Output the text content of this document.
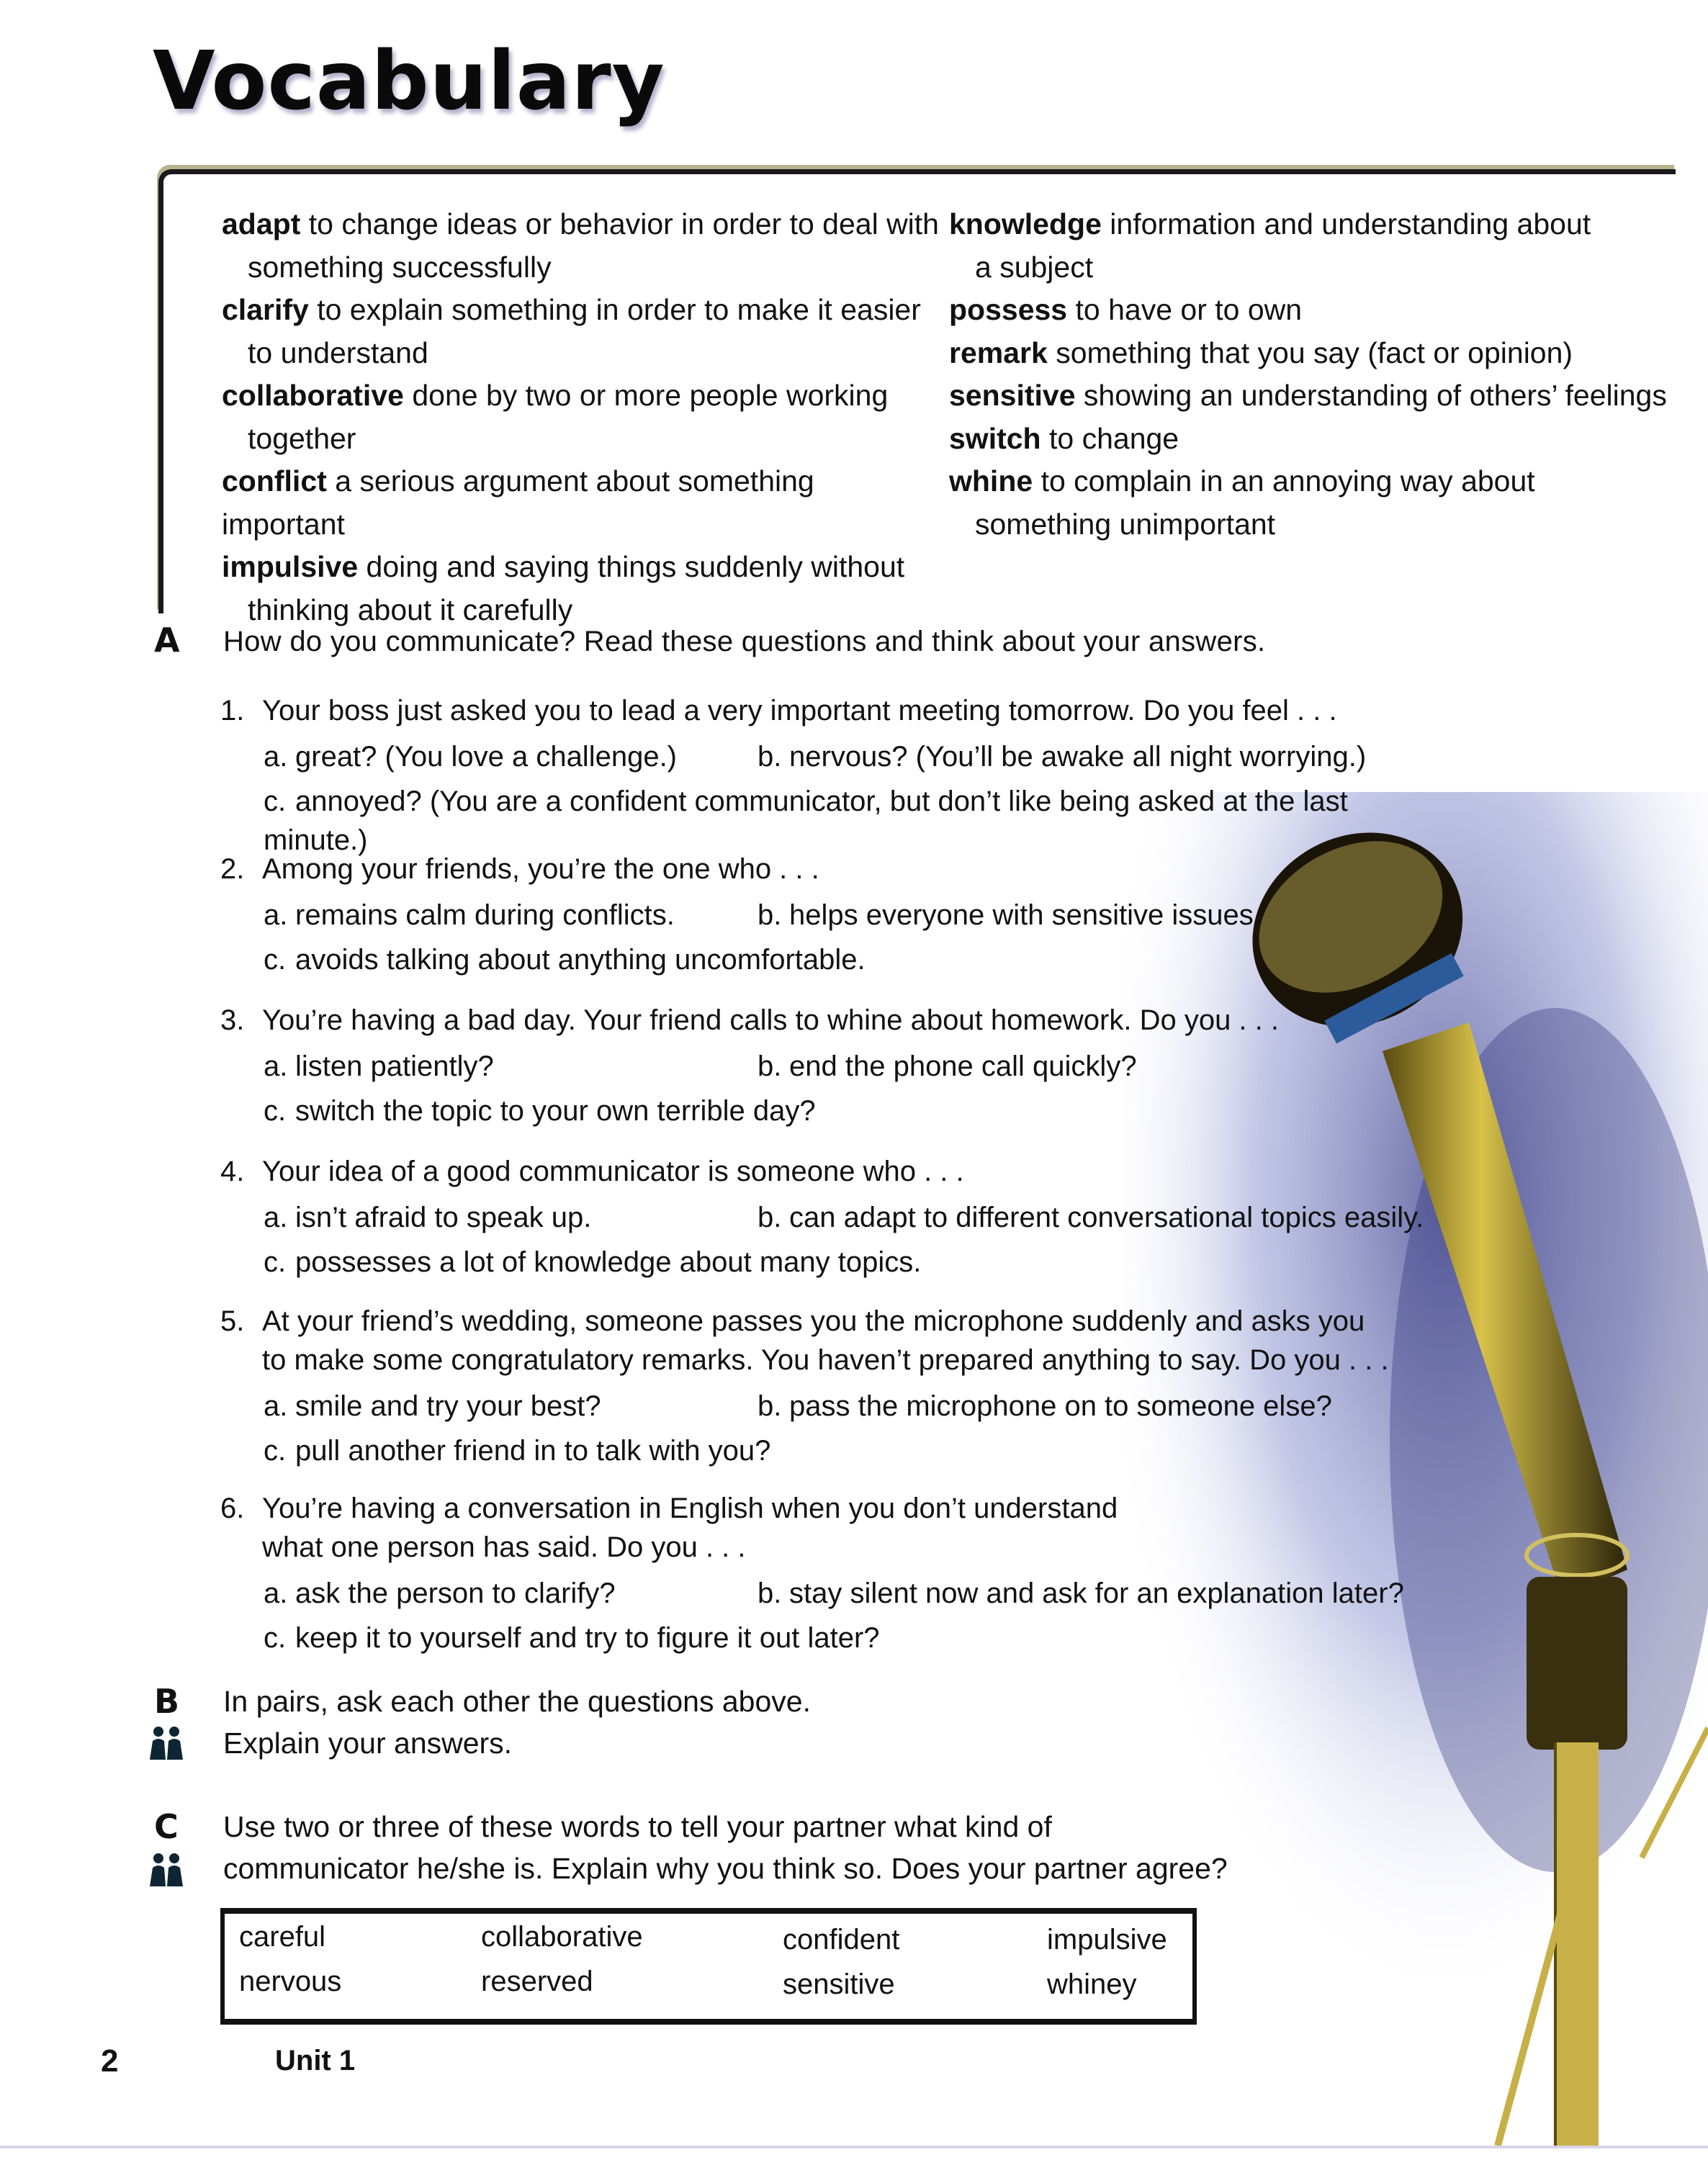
Vocabulary
adapt to change ideas or behavior in order to deal with
something successfully
clarify to explain something in order to make it easier
to understand
collaborative done by two or more people working
together
conflict a serious argument about something important
impulsive doing and saying things suddenly without
thinking about it carefully
knowledge information and understanding about
a subject
possess to have or to own
remark something that you say (fact or opinion)
sensitive showing an understanding of others’ feelings
switch to change
whine to complain in an annoying way about
something unimportant
A How do you communicate? Read these questions and think about your answers.
1. Your boss just asked you to lead a very important meeting tomorrow. Do you feel . . .
a. great? (You love a challenge.)	b. nervous? (You’ll be awake all night worrying.)
c. annoyed? (You are a confident communicator, but don’t like being asked at the last minute.)
2. Among your friends, you’re the one who . . .
a. remains calm during conflicts.	b. helps everyone with sensitive issues.
c. avoids talking about anything uncomfortable.
3. You’re having a bad day. Your friend calls to whine about homework. Do you . . .
a. listen patiently?	b. end the phone call quickly?
c. switch the topic to your own terrible day?
4. Your idea of a good communicator is someone who . . .
a. isn’t afraid to speak up.	b. can adapt to different conversational topics easily.
c. possesses a lot of knowledge about many topics.
5. At your friend’s wedding, someone passes you the microphone suddenly and asks you
to make some congratulatory remarks. You haven’t prepared anything to say. Do you . . .
a. smile and try your best?	b. pass the microphone on to someone else?
c. pull another friend in to talk with you?
6. You’re having a conversation in English when you don’t understand
what one person has said. Do you . . .
a. ask the person to clarify?	b. stay silent now and ask for an explanation later?
c. keep it to yourself and try to figure it out later?
B In pairs, ask each other the questions above.
Explain your answers.
C Use two or three of these words to tell your partner what kind of
communicator he/she is. Explain why you think so. Does your partner agree?
careful	collaborative	confident	impulsive
nervous	reserved	sensitive	whiney
2	Unit 1
